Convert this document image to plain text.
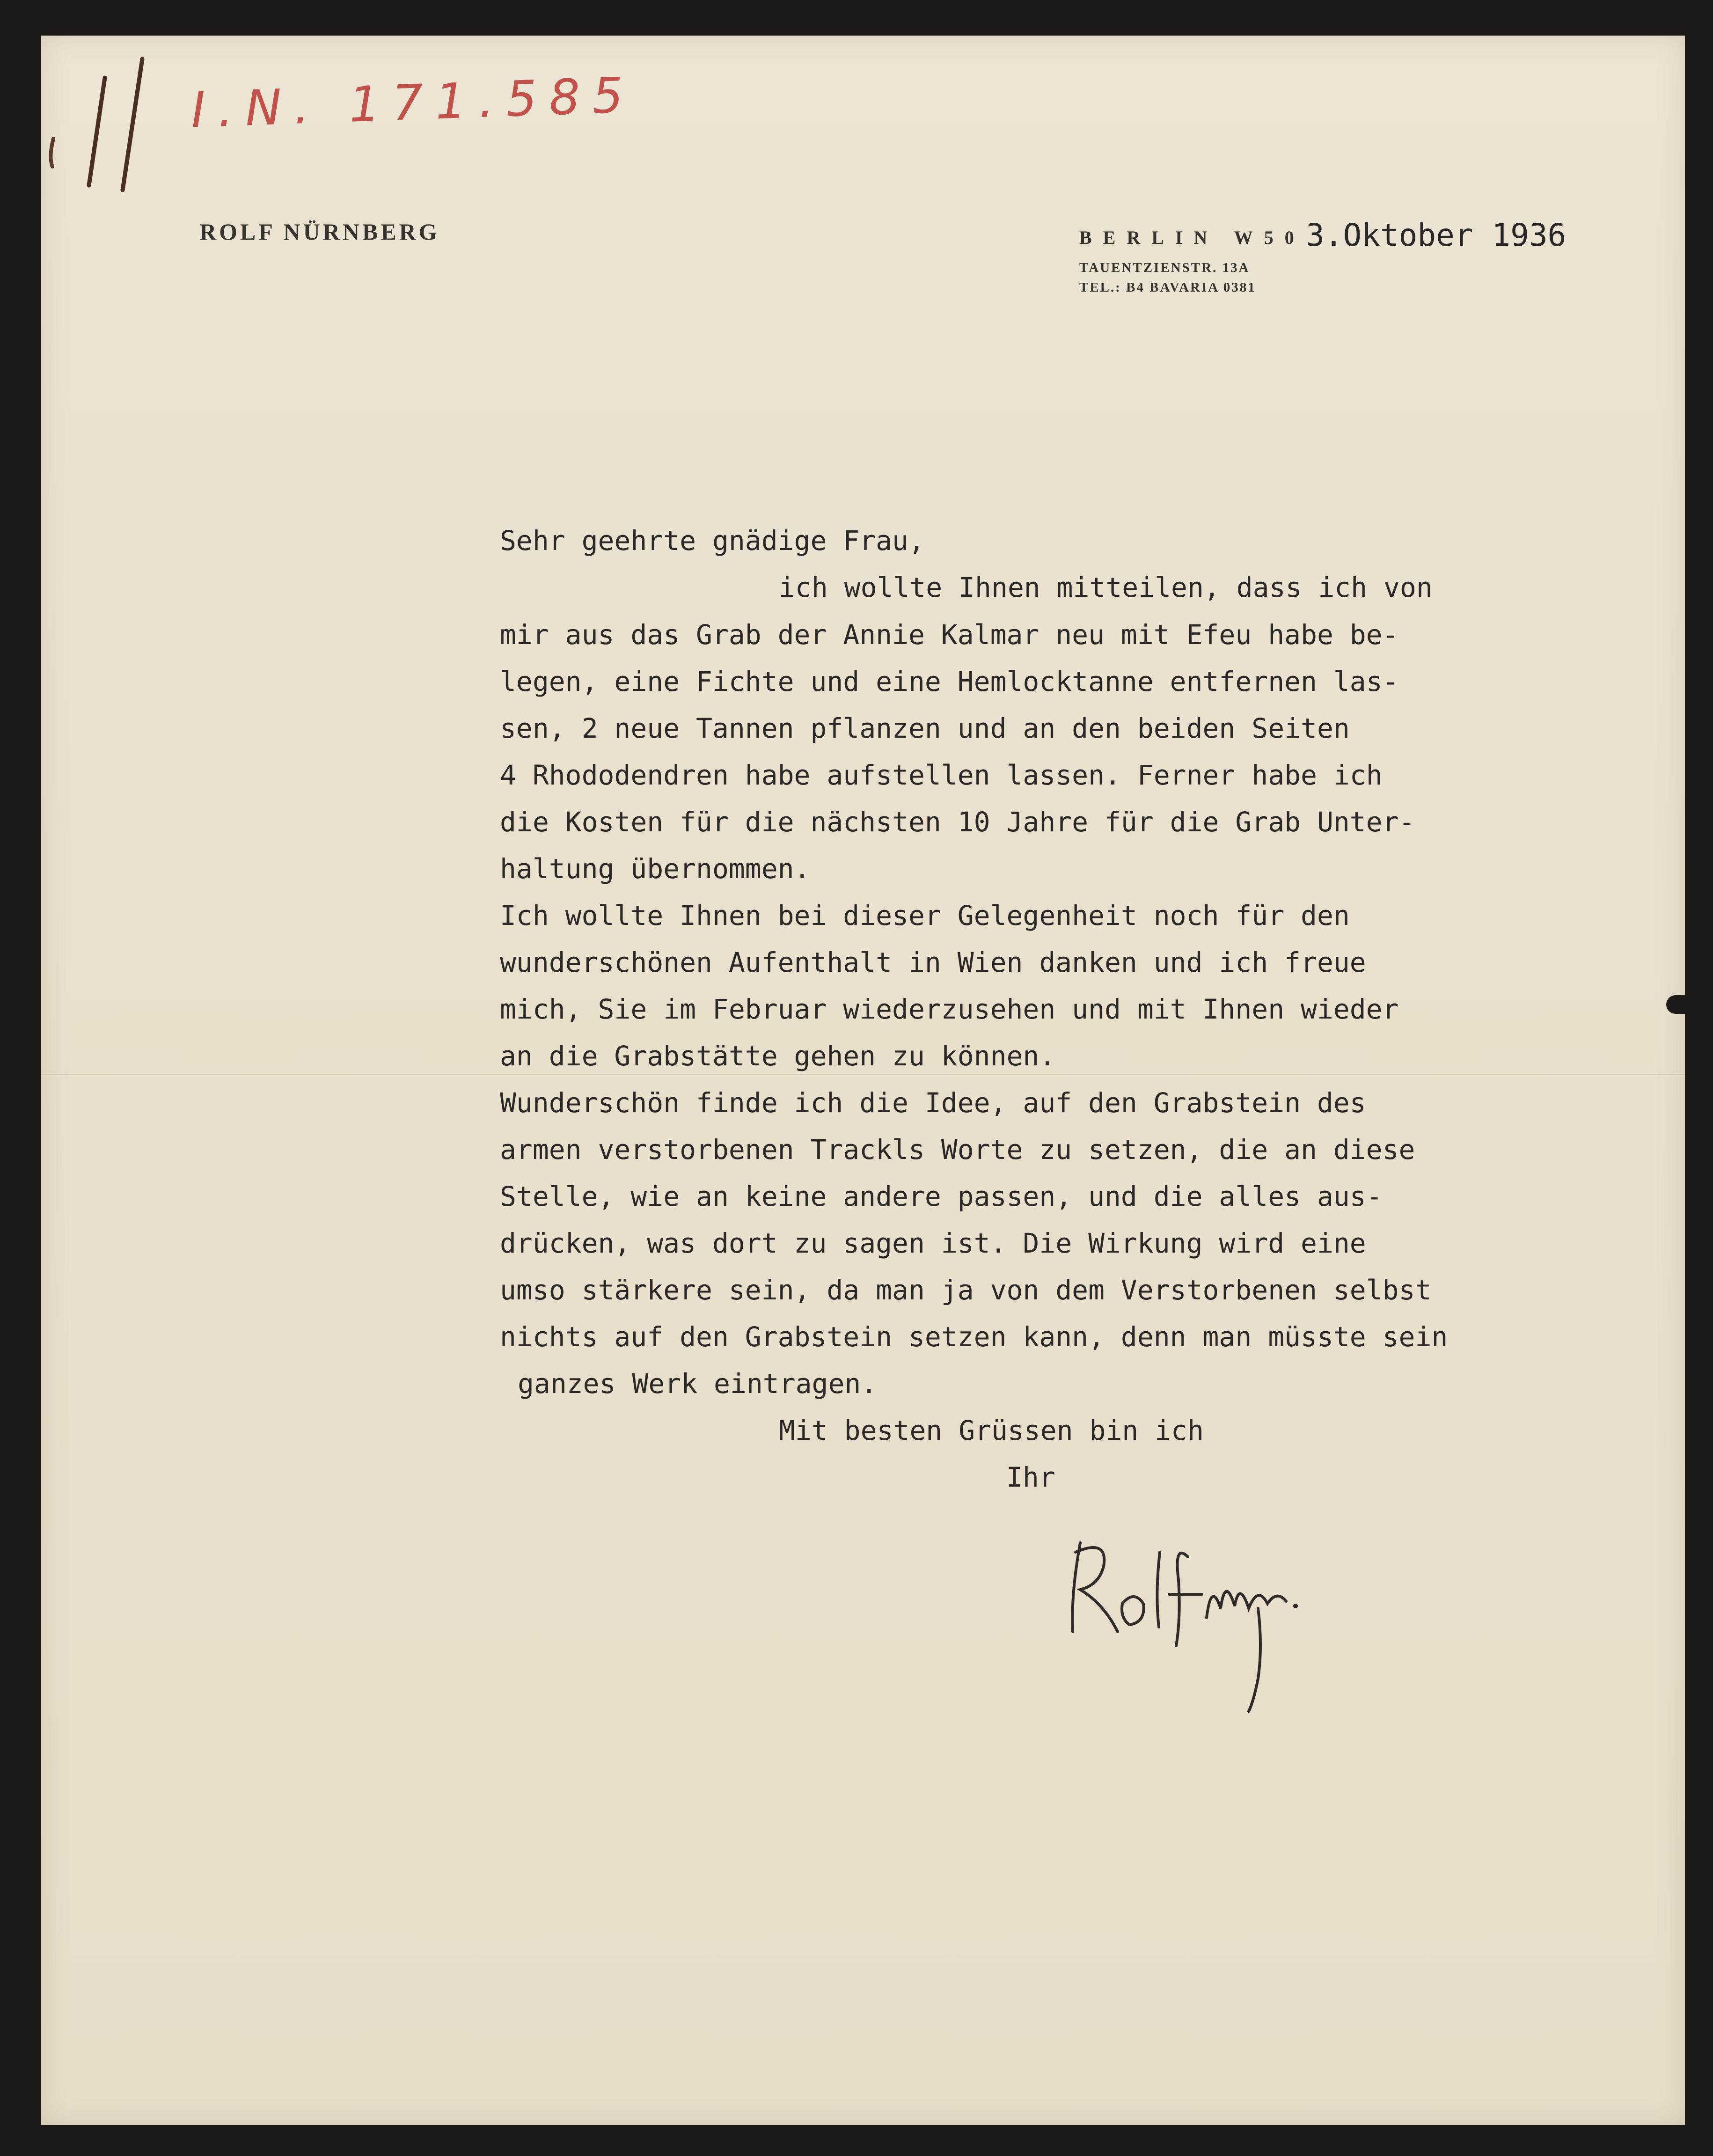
I.N. 171.585
ROLF NÜRNBERG	BERLIN W50
TAUENTZIENSTR. 13A
TEL.: B4 BAVARIA 0381
3.Oktober 1936
Sehr geehrte gnädige Frau,
ich wollte Ihnen mitteilen, dass ich von
mir aus das Grab der Annie Kalmar neu mit Efeu habe be-
legen, eine Fichte und eine Hemlocktanne entfernen las-
sen, 2 neue Tannen pflanzen und an den beiden Seiten
4 Rhododendren habe aufstellen lassen. Ferner habe ich
die Kosten für die nächsten 10 Jahre für die Grab Unter-
haltung übernommen.
Ich wollte Ihnen bei dieser Gelegenheit noch für den
wunderschönen Aufenthalt in Wien danken und ich freue
mich, Sie im Februar wiederzusehen und mit Ihnen wieder
an die Grabstätte gehen zu können.
Wunderschön finde ich die Idee, auf den Grabstein des
armen verstorbenen Trackls Worte zu setzen, die an diese
Stelle, wie an keine andere passen, und die alles aus-
drücken, was dort zu sagen ist. Die Wirkung wird eine
umso stärkere sein, da man ja von dem Verstorbenen selbst
nichts auf den Grabstein setzen kann, denn man müsste sein
ganzes Werk eintragen.
Mit besten Grüssen bin ich
Ihr
